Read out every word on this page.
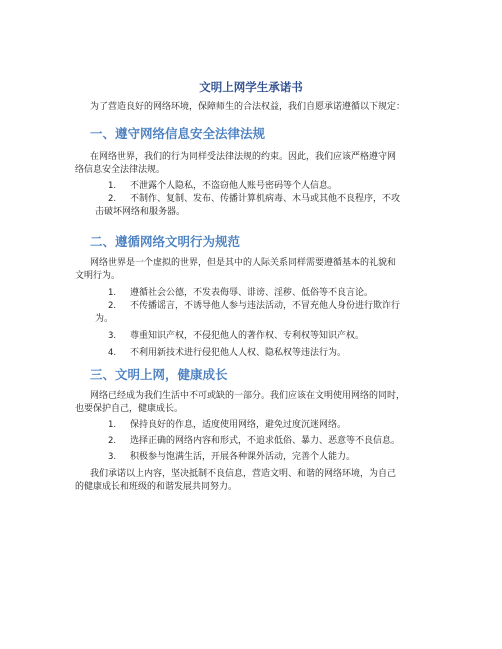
文明上网学生承诺书

为了营造良好的网络环境，保障师生的合法权益，我们自愿承诺遵循以下规定：

一、遵守网络信息安全法律法规

在网络世界，我们的行为同样受法律法规的约束。因此，我们应该严格遵守网
络信息安全法律法规。

1. 不泄露个人隐私，不盗窃他人账号密码等个人信息。
2. 不制作、复制、发布、传播计算机病毒、木马或其他不良程序，不攻
击破坏网络和服务器。
二、遵循网络文明行为规范

网络世界是一个虚拟的世界，但是其中的人际关系同样需要遵循基本的礼貌和
文明行为。

1. 遵循社会公德，不发表侮辱、诽谤、淫秽、低俗等不良言论。
2. 不传播谣言，不诱导他人参与违法活动，不冒充他人身份进行欺诈行
为。
3. 尊重知识产权，不侵犯他人的著作权、专利权等知识产权。
4. 不利用新技术进行侵犯他人人权、隐私权等违法行为。
三、文明上网，健康成长

网络已经成为我们生活中不可或缺的一部分。我们应该在文明使用网络的同时，
也要保护自己，健康成长。

1. 保持良好的作息，适度使用网络，避免过度沉迷网络。
2. 选择正确的网络内容和形式，不追求低俗、暴力、恶意等不良信息。
3. 积极参与饱满生活，开展各种课外活动，完善个人能力。

我们承诺以上内容，坚决抵制不良信息，营造文明、和谐的网络环境，为自己
的健康成长和班级的和谐发展共同努力。
